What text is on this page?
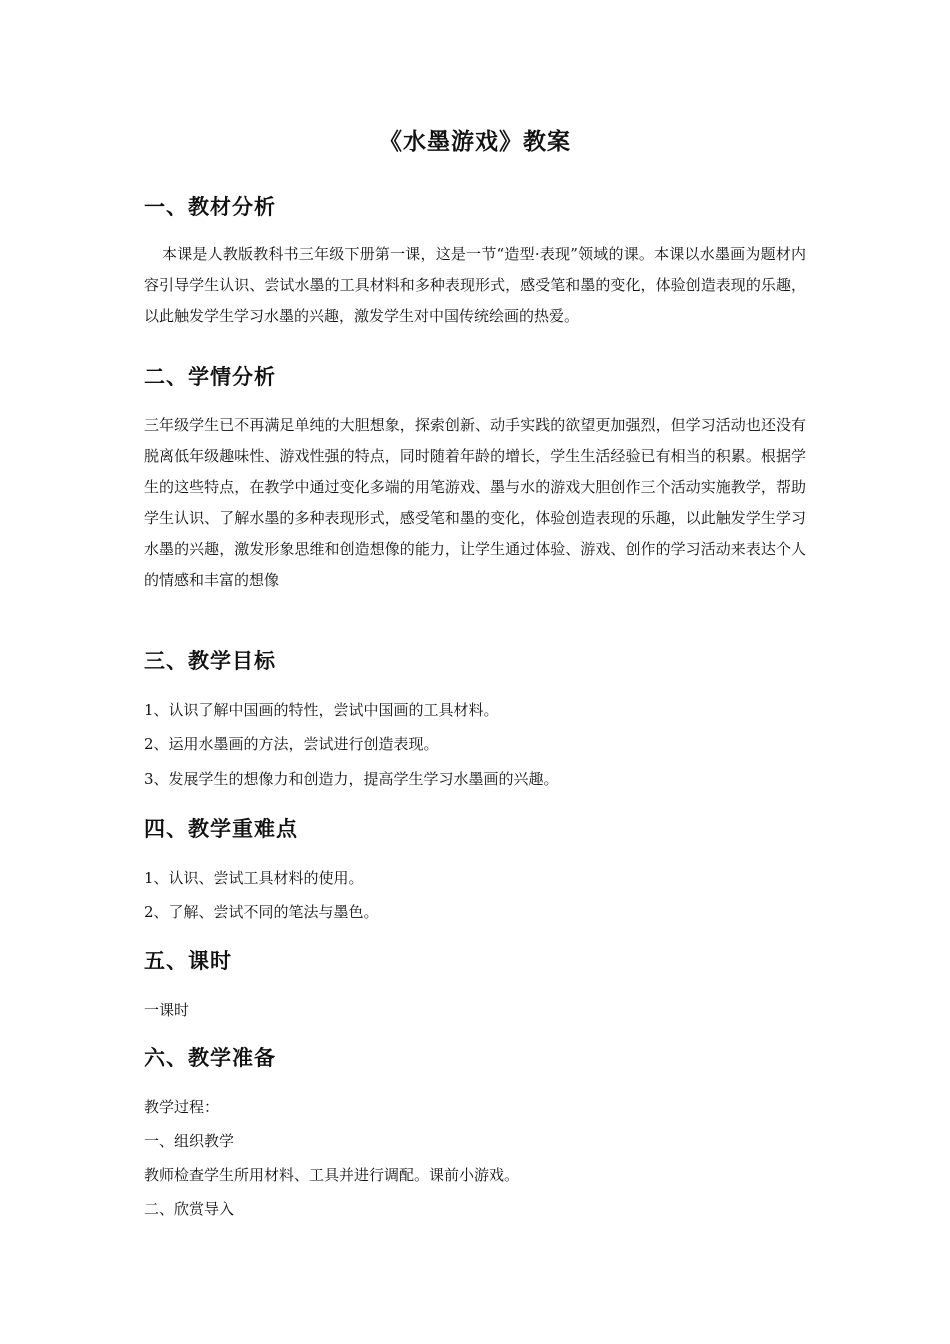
《水墨游戏》教案
一、教材分析

本课是人教版教科书三年级下册第一课，这是一节“造型·表现”领域的课。本课以水墨画为题材内容引导学生认识、尝试水墨的工具材料和多种表现形式，感受笔和墨的变化，体验创造表现的乐趣，以此触发学生学习水墨的兴趣，激发学生对中国传统绘画的热爱。

二、学情分析

三年级学生已不再满足单纯的大胆想象，探索创新、动手实践的欲望更加强烈，但学习活动也还没有脱离低年级趣味性、游戏性强的特点，同时随着年龄的增长，学生生活经验已有相当的积累。根据学生的这些特点，在教学中通过变化多端的用笔游戏、墨与水的游戏大胆创作三个活动实施教学，帮助学生认识、了解水墨的多种表现形式，感受笔和墨的变化，体验创造表现的乐趣，以此触发学生学习水墨的兴趣，激发形象思维和创造想像的能力，让学生通过体验、游戏、创作的学习活动来表达个人的情感和丰富的想像

三、教学目标
1、认识了解中国画的特性，尝试中国画的工具材料。
2、运用水墨画的方法，尝试进行创造表现。
3、发展学生的想像力和创造力，提高学生学习水墨画的兴趣。
四、教学重难点
1、认识、尝试工具材料的使用。
2、了解、尝试不同的笔法与墨色。
五、课时
一课时
六、教学准备
教学过程：
一、组织教学
教师检查学生所用材料、工具并进行调配。课前小游戏。
二、欣赏导入
